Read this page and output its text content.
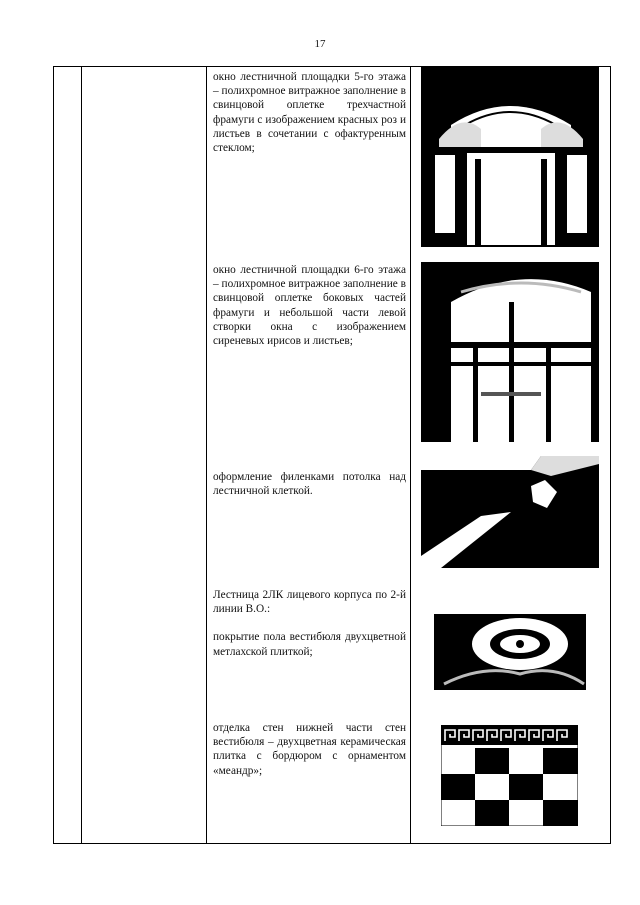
17

окно лестничной площадки 5-го этажа – полихромное витражное заполнение в свинцовой оплетке трехчастной фрамуги с изображением красных роз и листьев в сочетании с офактуренным стеклом;

окно лестничной площадки 6-го этажа – полихромное витражное заполнение в свинцовой оплетке боковых частей фрамуги и небольшой части левой створки окна с изображением сиреневых ирисов и листьев;

оформление филенками потолка над лестничной клеткой.

Лестница 2ЛК лицевого корпуса по 2-й линии В.О.:

покрытие пола вестибюля двухцветной метлахской плиткой;

отделка стен нижней части стен вестибюля – двухцветная керамическая плитка с бордюром с орнаментом «меандр»;
